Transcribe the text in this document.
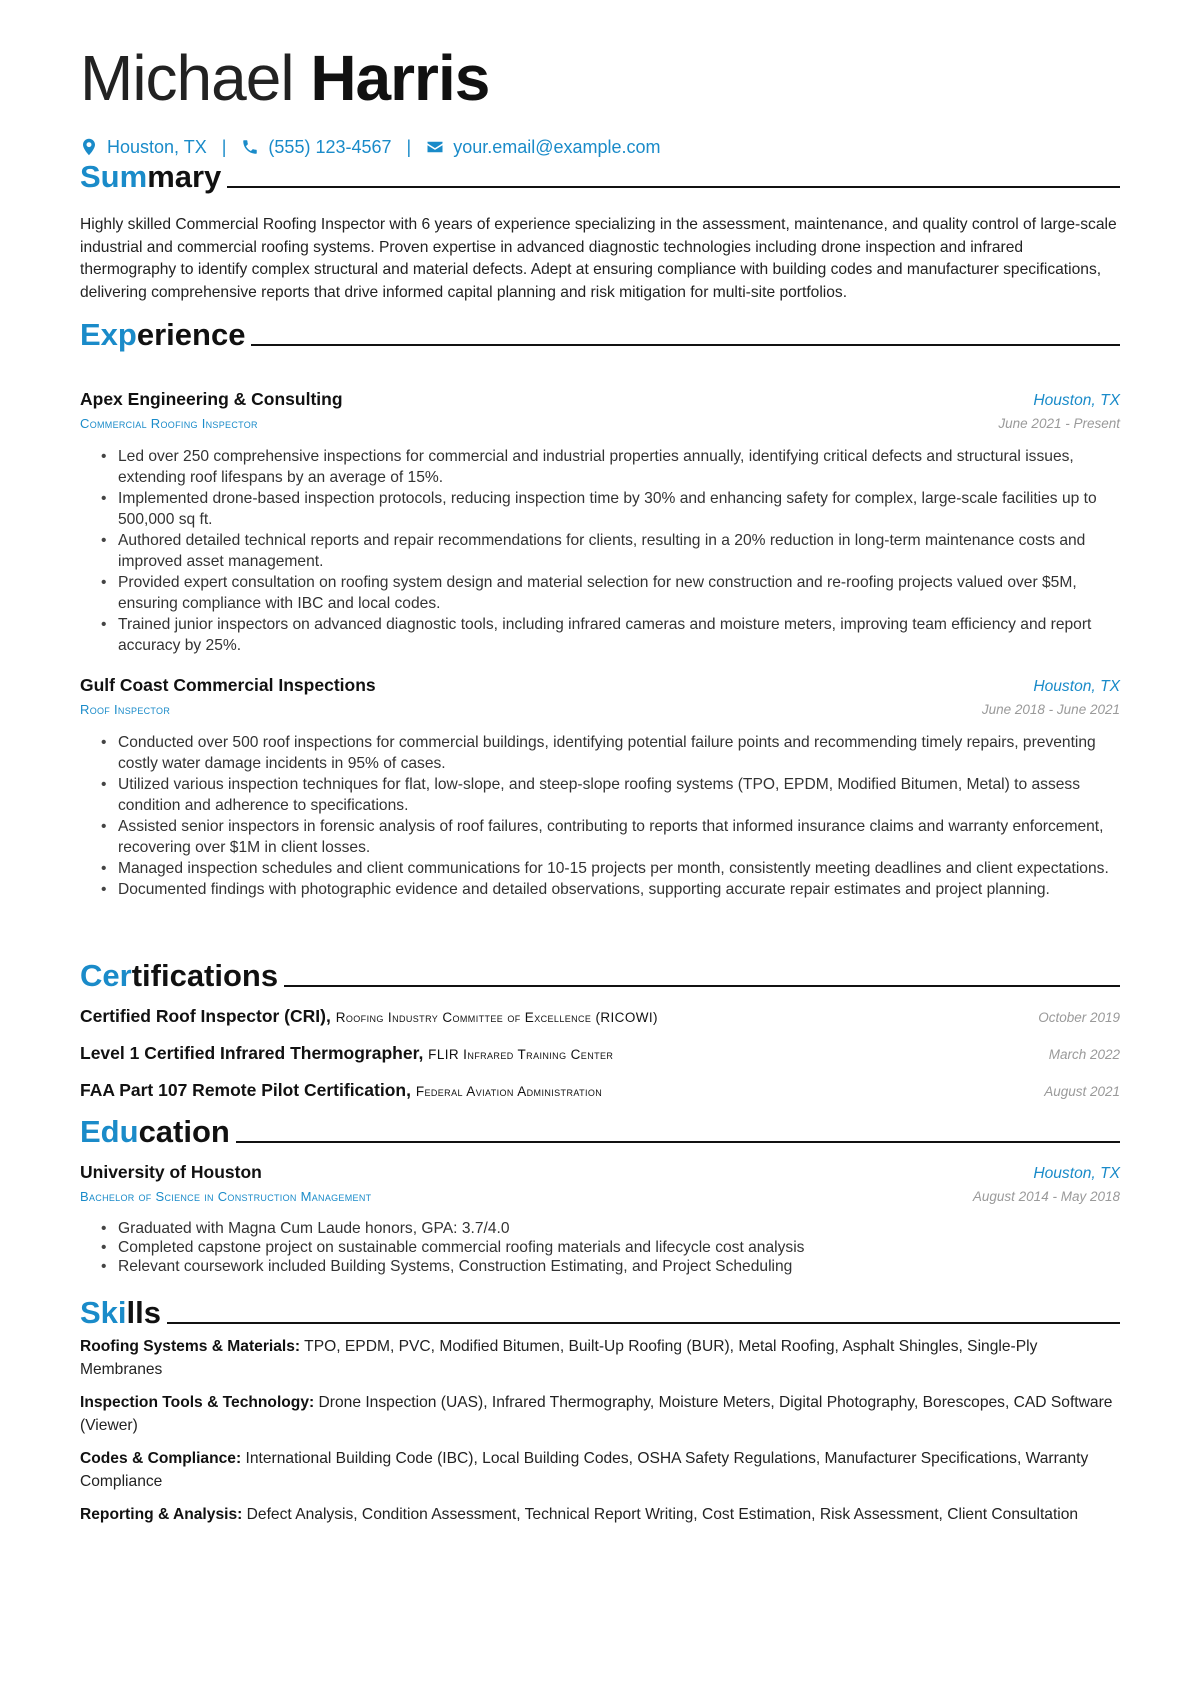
Michael Harris
Houston, TX | (555) 123-4567 | your.email@example.com
Summary

Highly skilled Commercial Roofing Inspector with 6 years of experience specializing in the assessment, maintenance, and quality control of large-scale industrial and commercial roofing systems. Proven expertise in advanced diagnostic technologies including drone inspection and infrared thermography to identify complex structural and material defects. Adept at ensuring compliance with building codes and manufacturer specifications, delivering comprehensive reports that drive informed capital planning and risk mitigation for multi-site portfolios.

Experience
Apex Engineering & Consulting	Houston, TX
Commercial Roofing Inspector	June 2021 - Present
• Led over 250 comprehensive inspections for commercial and industrial properties annually, identifying critical defects and structural issues, extending roof lifespans by an average of 15%.
• Implemented drone-based inspection protocols, reducing inspection time by 30% and enhancing safety for complex, large-scale facilities up to 500,000 sq ft.
• Authored detailed technical reports and repair recommendations for clients, resulting in a 20% reduction in long-term maintenance costs and improved asset management.
• Provided expert consultation on roofing system design and material selection for new construction and re-roofing projects valued over $5M, ensuring compliance with IBC and local codes.
• Trained junior inspectors on advanced diagnostic tools, including infrared cameras and moisture meters, improving team efficiency and report accuracy by 25%.
Gulf Coast Commercial Inspections	Houston, TX
Roof Inspector	June 2018 - June 2021
• Conducted over 500 roof inspections for commercial buildings, identifying potential failure points and recommending timely repairs, preventing costly water damage incidents in 95% of cases.
• Utilized various inspection techniques for flat, low-slope, and steep-slope roofing systems (TPO, EPDM, Modified Bitumen, Metal) to assess condition and adherence to specifications.
• Assisted senior inspectors in forensic analysis of roof failures, contributing to reports that informed insurance claims and warranty enforcement, recovering over $1M in client losses.
• Managed inspection schedules and client communications for 10-15 projects per month, consistently meeting deadlines and client expectations.
• Documented findings with photographic evidence and detailed observations, supporting accurate repair estimates and project planning.
Certifications
Certified Roof Inspector (CRI), Roofing Industry Committee of Excellence (RICOWI)	October 2019
Level 1 Certified Infrared Thermographer, FLIR Infrared Training Center	March 2022
FAA Part 107 Remote Pilot Certification, Federal Aviation Administration	August 2021
Education
University of Houston	Houston, TX
Bachelor of Science in Construction Management	August 2014 - May 2018
• Graduated with Magna Cum Laude honors, GPA: 3.7/4.0
• Completed capstone project on sustainable commercial roofing materials and lifecycle cost analysis
• Relevant coursework included Building Systems, Construction Estimating, and Project Scheduling
Skills

Roofing Systems & Materials: TPO, EPDM, PVC, Modified Bitumen, Built-Up Roofing (BUR), Metal Roofing, Asphalt Shingles, Single-Ply Membranes

Inspection Tools & Technology: Drone Inspection (UAS), Infrared Thermography, Moisture Meters, Digital Photography, Borescopes, CAD Software (Viewer)

Codes & Compliance: International Building Code (IBC), Local Building Codes, OSHA Safety Regulations, Manufacturer Specifications, Warranty Compliance

Reporting & Analysis: Defect Analysis, Condition Assessment, Technical Report Writing, Cost Estimation, Risk Assessment, Client Consultation
